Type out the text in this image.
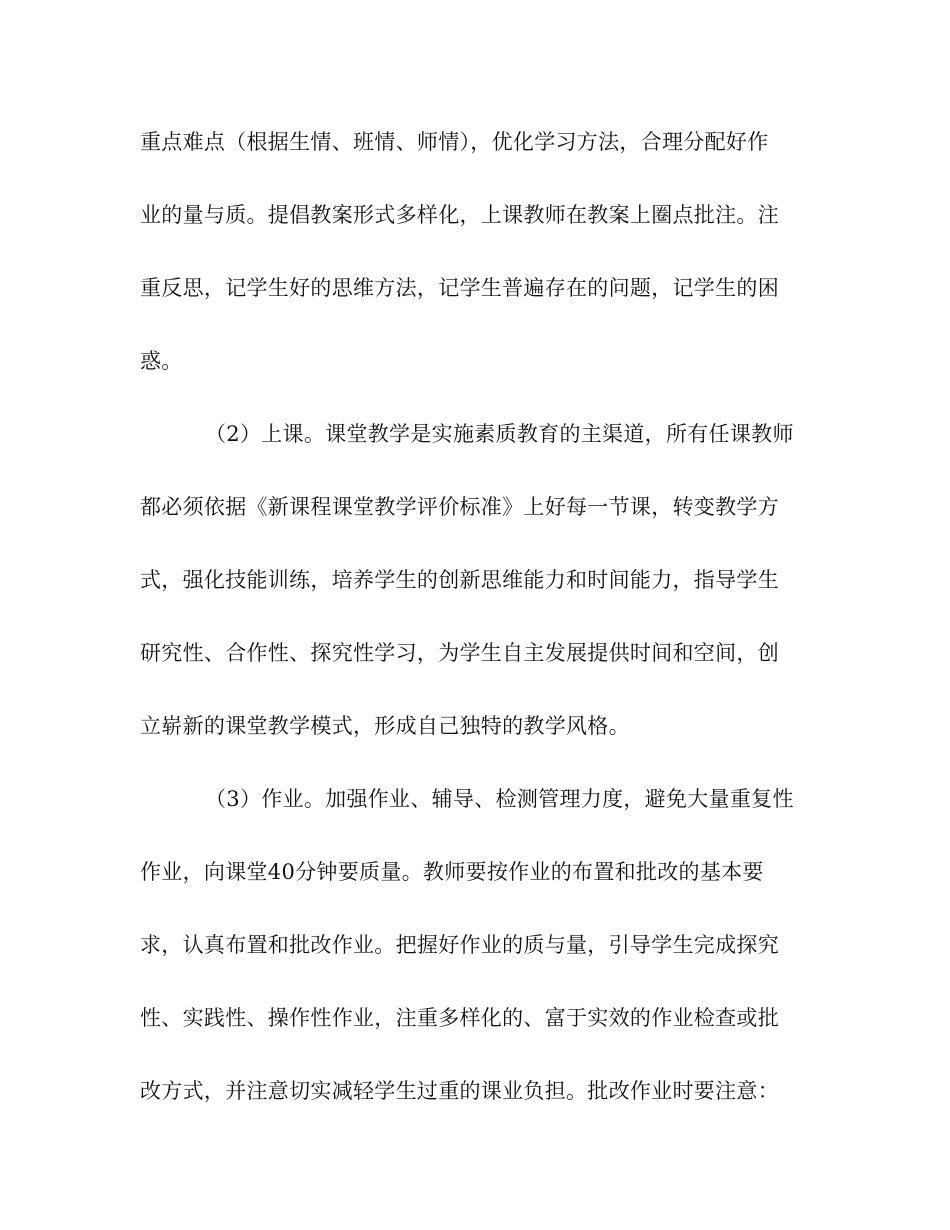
重点难点（根据生情、班情、师情），优化学习方法，合理分配好作
业的量与质。提倡教案形式多样化，上课教师在教案上圈点批注。注
重反思，记学生好的思维方法，记学生普遍存在的问题，记学生的困
惑。
（2）上课。课堂教学是实施素质教育的主渠道，所有任课教师
都必须依据《新课程课堂教学评价标准》上好每一节课，转变教学方
式，强化技能训练，培养学生的创新思维能力和时间能力，指导学生
研究性、合作性、探究性学习，为学生自主发展提供时间和空间，创
立崭新的课堂教学模式，形成自己独特的教学风格。
（3）作业。加强作业、辅导、检测管理力度，避免大量重复性
作业，向课堂40分钟要质量。教师要按作业的布置和批改的基本要
求，认真布置和批改作业。把握好作业的质与量，引导学生完成探究
性、实践性、操作性作业，注重多样化的、富于实效的作业检查或批
改方式，并注意切实减轻学生过重的课业负担。批改作业时要注意：
